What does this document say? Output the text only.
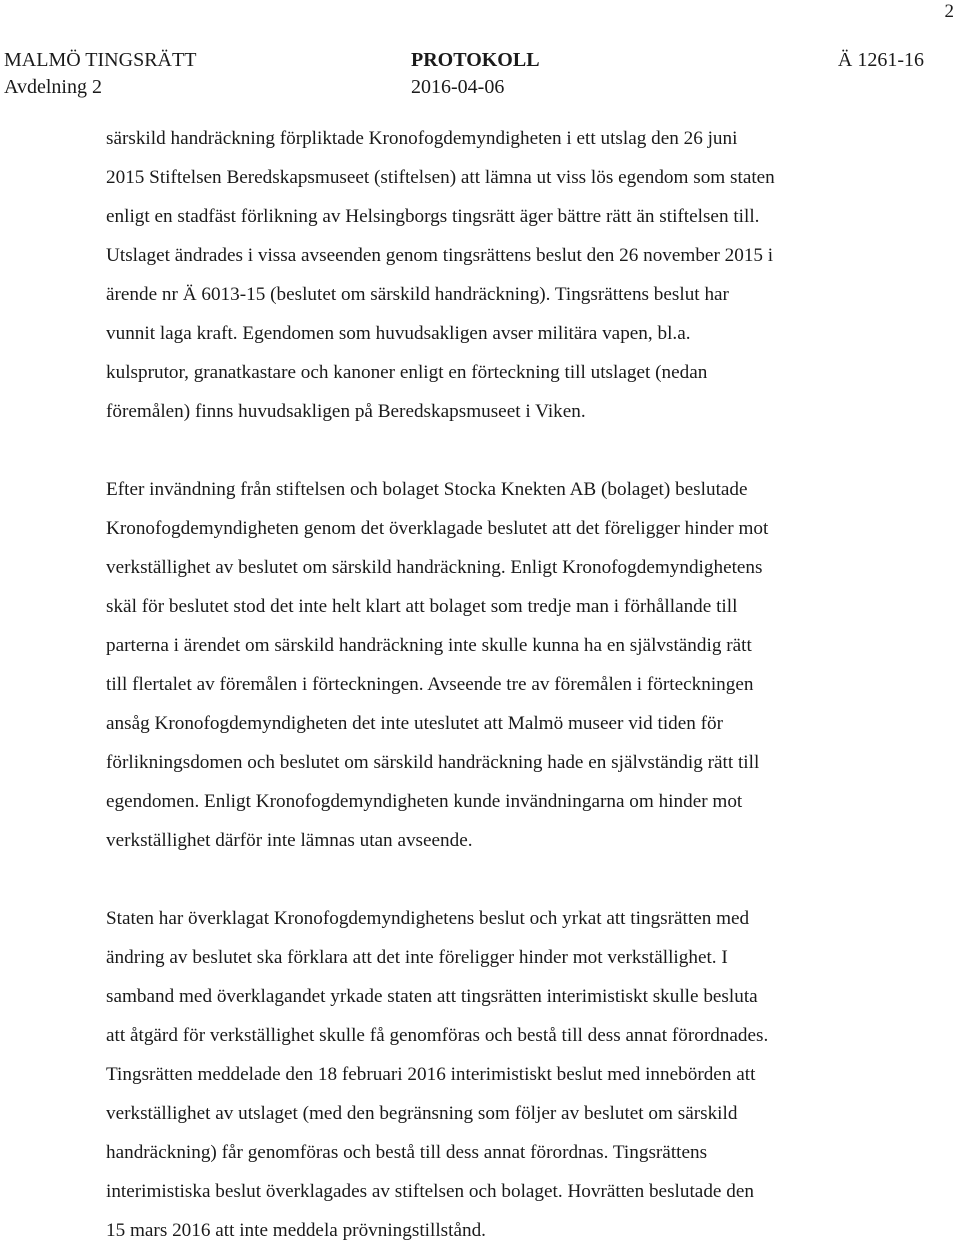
2
MALMÖ TINGSRÄTT
Avdelning 2
PROTOKOLL
2016-04-06
Ä 1261-16

särskild handräckning förpliktade Kronofogdemyndigheten i ett utslag den 26 juni

2015 Stiftelsen Beredskapsmuseet (stiftelsen) att lämna ut viss lös egendom som staten

enligt en stadfäst förlikning av Helsingborgs tingsrätt äger bättre rätt än stiftelsen till.

Utslaget ändrades i vissa avseenden genom tingsrättens beslut den 26 november 2015 i

ärende nr Ä 6013-15 (beslutet om särskild handräckning). Tingsrättens beslut har

vunnit laga kraft. Egendomen som huvudsakligen avser militära vapen, bl.a.

kulsprutor, granatkastare och kanoner enligt en förteckning till utslaget (nedan

föremålen) finns huvudsakligen på Beredskapsmuseet i Viken.

Efter invändning från stiftelsen och bolaget Stocka Knekten AB (bolaget) beslutade

Kronofogdemyndigheten genom det överklagade beslutet att det föreligger hinder mot

verkställighet av beslutet om särskild handräckning. Enligt Kronofogdemyndighetens

skäl för beslutet stod det inte helt klart att bolaget som tredje man i förhållande till

parterna i ärendet om särskild handräckning inte skulle kunna ha en självständig rätt

till flertalet av föremålen i förteckningen. Avseende tre av föremålen i förteckningen

ansåg Kronofogdemyndigheten det inte uteslutet att Malmö museer vid tiden för

förlikningsdomen och beslutet om särskild handräckning hade en självständig rätt till

egendomen. Enligt Kronofogdemyndigheten kunde invändningarna om hinder mot

verkställighet därför inte lämnas utan avseende.

Staten har överklagat Kronofogdemyndighetens beslut och yrkat att tingsrätten med

ändring av beslutet ska förklara att det inte föreligger hinder mot verkställighet. I

samband med överklagandet yrkade staten att tingsrätten interimistiskt skulle besluta

att åtgärd för verkställighet skulle få genomföras och bestå till dess annat förordnades.

Tingsrätten meddelade den 18 februari 2016 interimistiskt beslut med innebörden att

verkställighet av utslaget (med den begränsning som följer av beslutet om särskild

handräckning) får genomföras och bestå till dess annat förordnas. Tingsrättens

interimistiska beslut överklagades av stiftelsen och bolaget. Hovrätten beslutade den

15 mars 2016 att inte meddela prövningstillstånd.
